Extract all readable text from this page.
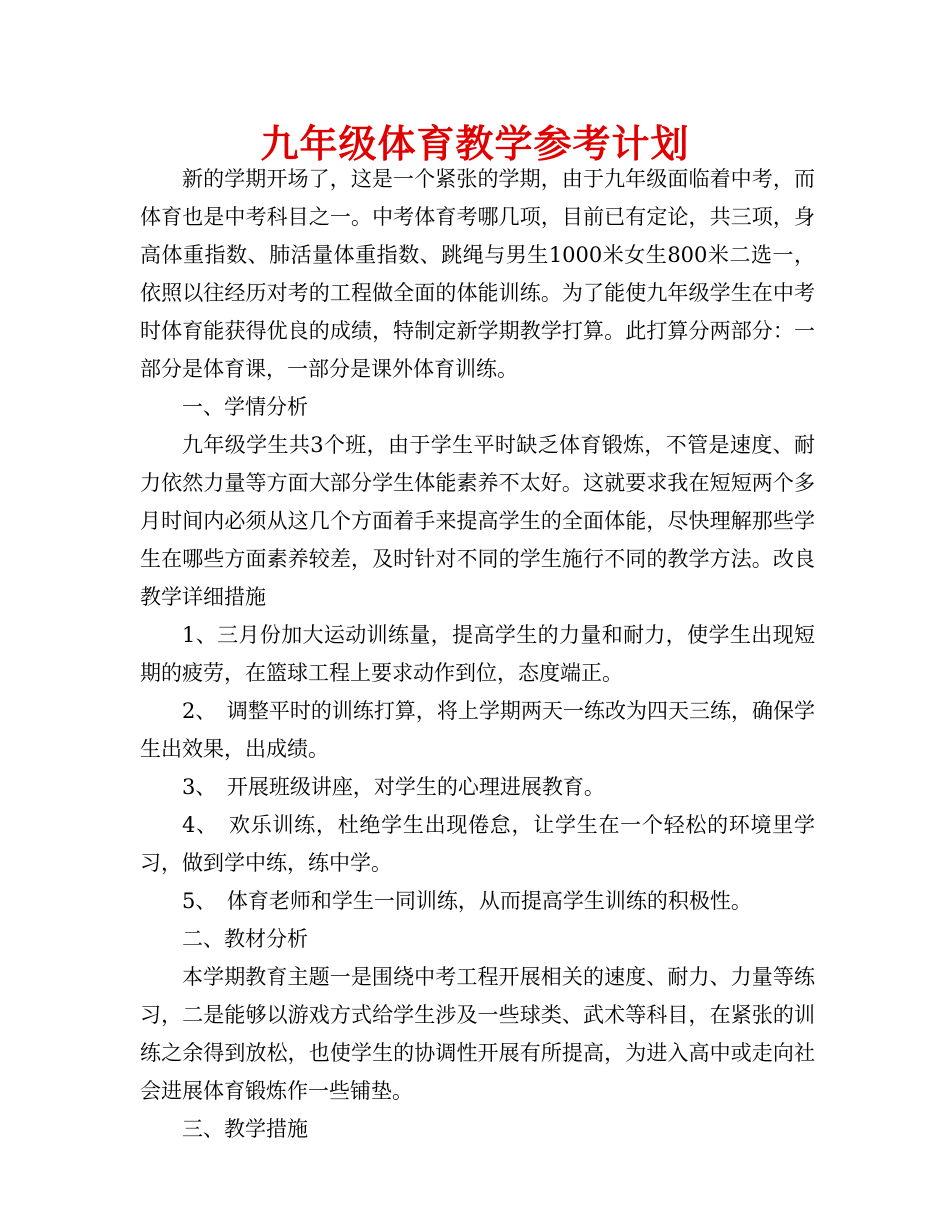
九年级体育教学参考计划

新的学期开场了，这是一个紧张的学期，由于九年级面临着中考，而体育也是中考科目之一。中考体育考哪几项，目前已有定论，共三项，身高体重指数、肺活量体重指数、跳绳与男生1000米女生800米二选一，依照以往经历对考的工程做全面的体能训练。为了能使九年级学生在中考时体育能获得优良的成绩，特制定新学期教学打算。此打算分两部分：一部分是体育课，一部分是课外体育训练。

一、学情分析

九年级学生共3个班，由于学生平时缺乏体育锻炼，不管是速度、耐力依然力量等方面大部分学生体能素养不太好。这就要求我在短短两个多月时间内必须从这几个方面着手来提高学生的全面体能，尽快理解那些学生在哪些方面素养较差，及时针对不同的学生施行不同的教学方法。改良教学详细措施

1、三月份加大运动训练量，提高学生的力量和耐力，使学生出现短期的疲劳，在篮球工程上要求动作到位，态度端正。

2、　调整平时的训练打算，将上学期两天一练改为四天三练，确保学生出效果，出成绩。

3、　开展班级讲座，对学生的心理进展教育。

4、　欢乐训练，杜绝学生出现倦怠，让学生在一个轻松的环境里学习，做到学中练，练中学。

5、　体育老师和学生一同训练，从而提高学生训练的积极性。

二、教材分析

本学期教育主题一是围绕中考工程开展相关的速度、耐力、力量等练习，二是能够以游戏方式给学生涉及一些球类、武术等科目，在紧张的训练之余得到放松，也使学生的协调性开展有所提高，为进入高中或走向社会进展体育锻炼作一些铺垫。

三、教学措施
